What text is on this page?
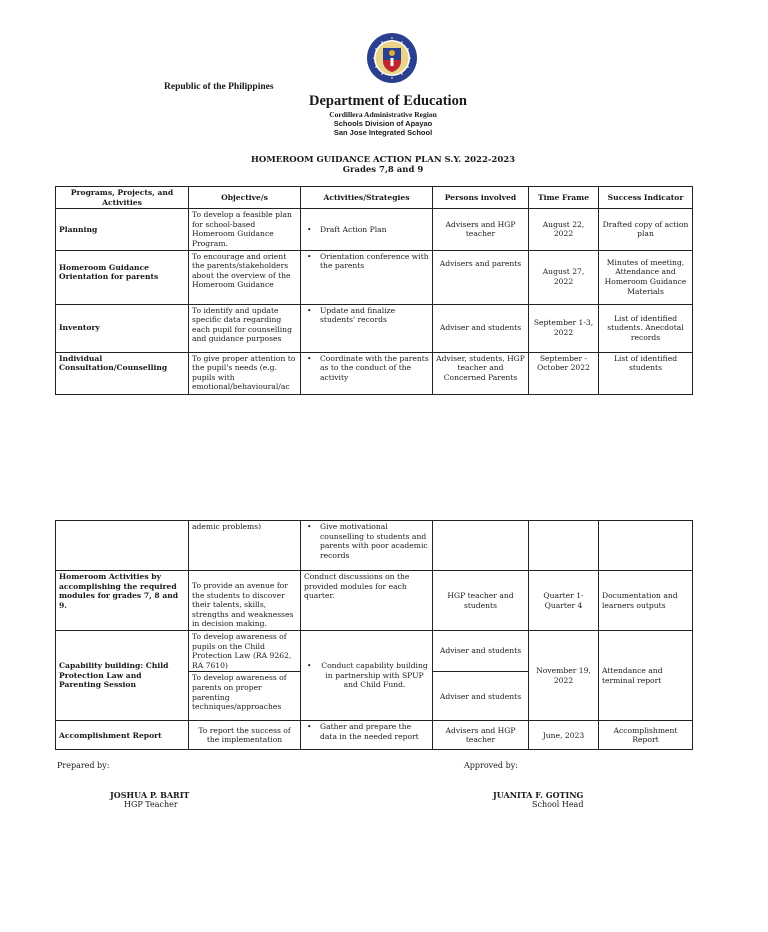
Republic of the Philippines
Department of Education
Cordillera Administrative Region
Schools Division of Apayao
San Jose Integrated School
HOMEROOM GUIDANCE ACTION PLAN S.Y. 2022-2023
Grades 7,8 and 9
Programs, Projects, and Activities	Objective/s	Activities/Strategies	Persons involved	Time Frame	Success Indicator
Planning	To develop a feasible plan for school-based Homeroom Guidance Program.	• Draft Action Plan	Advisers and HGP teacher	August 22, 2022	Drafted copy of action plan
Homeroom Guidance Orientation for parents	To encourage and orient the parents/stakeholders about the overview of the Homeroom Guidance	• Orientation conference with the parents	Advisers and parents	August 27, 2022	Minutes of meeting, Attendance and Homeroom Guidance Materials
Inventory	To identify and update specific data regarding each pupil for counselling and guidance purposes	• Update and finalize students' records	Adviser and students	September 1-3, 2022	List of identified students. Anecdotal records
Individual Consultation/Counselling	To give proper attention to the pupil's needs (e.g. pupils with emotional/behavioural/ac	• Coordinate with the parents as to the conduct of the activity	Adviser, students, HGP teacher and Concerned Parents	September - October 2022	List of identified students
	ademic problems)	• Give motivational counselling to students and parents with poor academic records

Homeroom Activities by accomplishing the required modules for grades 7, 8 and 9.	To provide an avenue for the students to discover their talents, skills, strengths and weaknesses in decision making.	Conduct discussions on the provided modules for each quarter.	HGP teacher and students	Quarter 1-Quarter 4	Documentation and learners outputs
Capability building: Child Protection Law and Parenting Session	To develop awareness of pupils on the Child Protection Law (RA 9262, RA 7610)	• Conduct capability building in partnership with SPUP and Child Fund.	Adviser and students	November 19, 2022	Attendance and terminal report
	To develop awareness of parents on proper parenting techniques/approaches		Adviser and students		
Accomplishment Report	To report the success of the implementation	• Gather and prepare the data in the needed report	Advisers and HGP teacher	June, 2023	Accomplishment Report
Prepared by:	Approved by:
JOSHUA P. BARIT
HGP Teacher
JUANITA F. GOTING
School Head
